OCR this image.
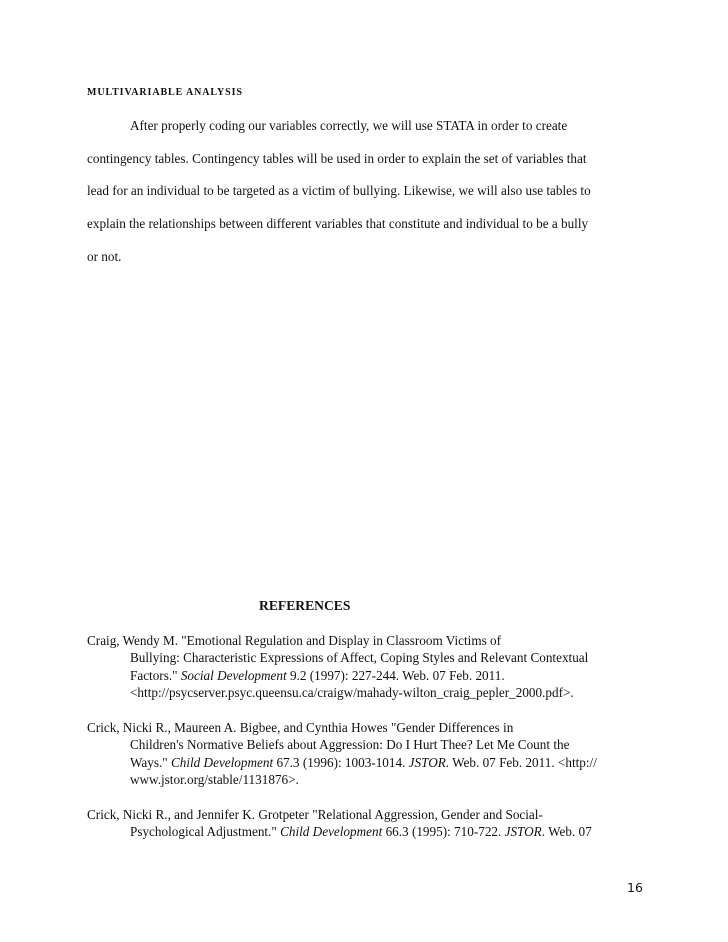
MULTIVARIABLE ANALYSIS

After properly coding our variables correctly, we will use STATA in order to create
contingency tables. Contingency tables will be used in order to explain the set of variables that
lead for an individual to be targeted as a victim of bullying. Likewise, we will also use tables to
explain the relationships between different variables that constitute and individual to be a bully
or not.

REFERENCES
Craig, Wendy M. "Emotional Regulation and Display in Classroom Victims of
Bullying: Characteristic Expressions of Affect, Coping Styles and Relevant Contextual
Factors." Social Development 9.2 (1997): 227-244. Web. 07 Feb. 2011.
<http://psycserver.psyc.queensu.ca/craigw/mahady-wilton_craig_pepler_2000.pdf>.
Crick, Nicki R., Maureen A. Bigbee, and Cynthia Howes "Gender Differences in
Children's Normative Beliefs about Aggression: Do I Hurt Thee? Let Me Count the
Ways." Child Development 67.3 (1996): 1003-1014. JSTOR. Web. 07 Feb. 2011. <http://
www.jstor.org/stable/1131876>.
Crick, Nicki R., and Jennifer K. Grotpeter "Relational Aggression, Gender and Social-
Psychological Adjustment." Child Development 66.3 (1995): 710-722. JSTOR. Web. 07
16
